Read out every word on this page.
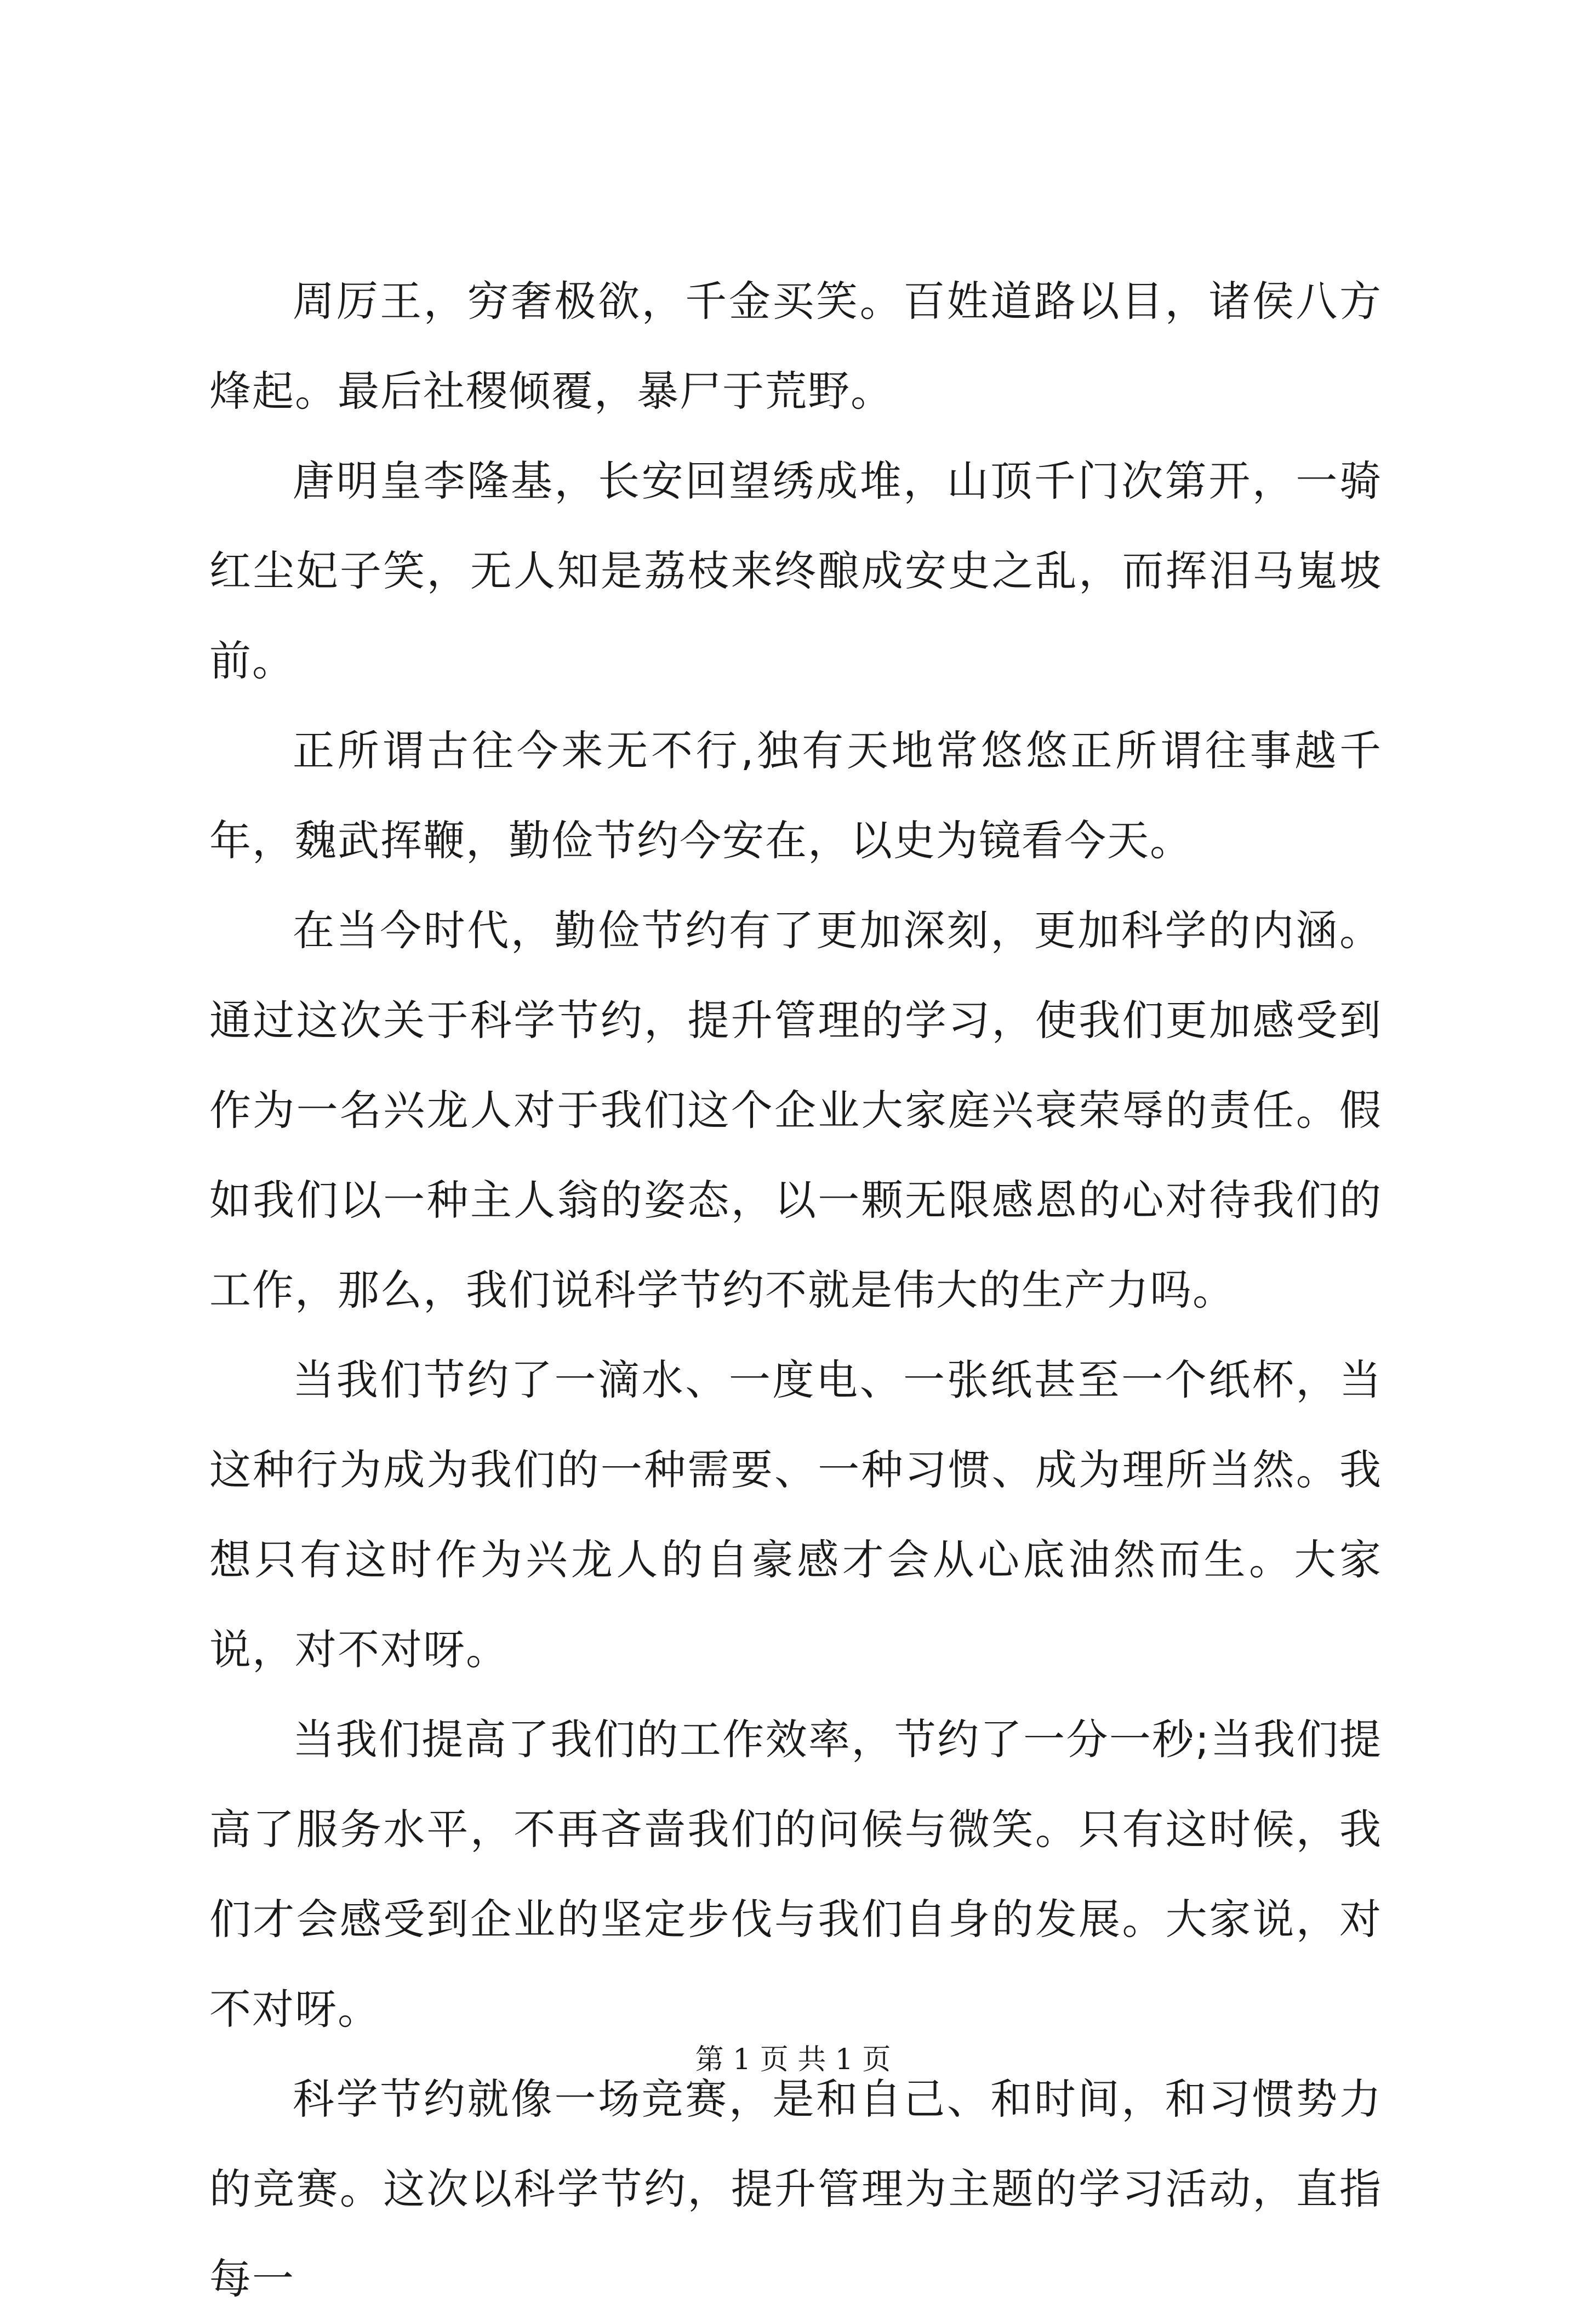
周厉王，穷奢极欲，千金买笑。百姓道路以目，诸侯八方烽起。最后社稷倾覆，暴尸于荒野。

唐明皇李隆基，长安回望绣成堆，山顶千门次第开，一骑红尘妃子笑，无人知是荔枝来终酿成安史之乱，而挥泪马嵬坡前。

正所谓古往今来无不行,独有天地常悠悠正所谓往事越千年，魏武挥鞭，勤俭节约今安在，以史为镜看今天。

在当今时代，勤俭节约有了更加深刻，更加科学的内涵。通过这次关于科学节约，提升管理的学习，使我们更加感受到作为一名兴龙人对于我们这个企业大家庭兴衰荣辱的责任。假如我们以一种主人翁的姿态，以一颗无限感恩的心对待我们的工作，那么，我们说科学节约不就是伟大的生产力吗。

当我们节约了一滴水、一度电、一张纸甚至一个纸杯，当这种行为成为我们的一种需要、一种习惯、成为理所当然。我想只有这时作为兴龙人的自豪感才会从心底油然而生。大家说，对不对呀。

当我们提高了我们的工作效率，节约了一分一秒;当我们提高了服务水平，不再吝啬我们的问候与微笑。只有这时候，我们才会感受到企业的坚定步伐与我们自身的发展。大家说，对不对呀。

科学节约就像一场竞赛，是和自己、和时间，和习惯势力的竞赛。这次以科学节约，提升管理为主题的学习活动，直指每一

第 1 页 共 1 页
